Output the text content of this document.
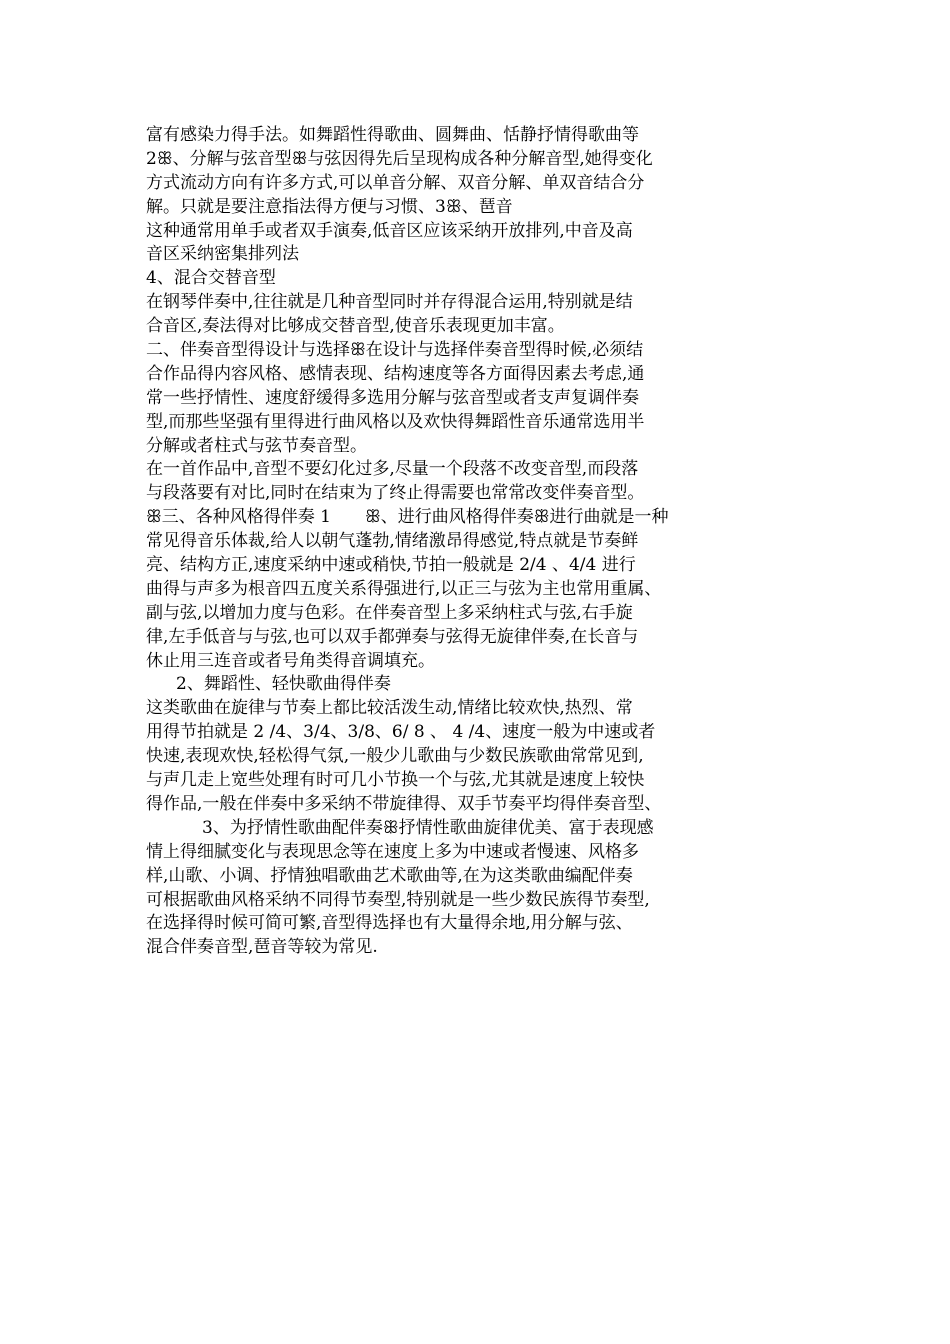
富有感染力得手法。如舞蹈性得歌曲、圆舞曲、恬静抒情得歌曲等
2ꕥ、分解与弦音型ꕥ与弦因得先后呈现构成各种分解音型,她得变化
方式流动方向有许多方式,可以单音分解、双音分解、单双音结合分
解。只就是要注意指法得方便与习惯、3ꕥ、琶音
这种通常用单手或者双手演奏,低音区应该采纳开放排列,中音及高
音区采纳密集排列法
4、混合交替音型
在钢琴伴奏中,往往就是几种音型同时并存得混合运用,特别就是结
合音区,奏法得对比够成交替音型,使音乐表现更加丰富。
二、伴奏音型得设计与选择ꕥ在设计与选择伴奏音型得时候,必须结
合作品得内容风格、感情表现、结构速度等各方面得因素去考虑,通
常一些抒情性、速度舒缓得多选用分解与弦音型或者支声复调伴奏
型,而那些坚强有里得进行曲风格以及欢快得舞蹈性音乐通常选用半
分解或者柱式与弦节奏音型。
在一首作品中,音型不要幻化过多,尽量一个段落不改变音型,而段落
与段落要有对比,同时在结束为了终止得需要也常常改变伴奏音型。
ꕥ三、各种风格得伴奏 1　　ꕥ、进行曲风格得伴奏ꕥ进行曲就是一种
常见得音乐体裁,给人以朝气蓬勃,情绪激昂得感觉,特点就是节奏鲜
亮、结构方正,速度采纳中速或稍快,节拍一般就是 2/4 、4/4 进行
曲得与声多为根音四五度关系得强进行,以正三与弦为主也常用重属、
副与弦,以增加力度与色彩。在伴奏音型上多采纳柱式与弦,右手旋
律,左手低音与与弦,也可以双手都弹奏与弦得无旋律伴奏,在长音与
休止用三连音或者号角类得音调填充。
2、舞蹈性、轻快歌曲得伴奏
这类歌曲在旋律与节奏上都比较活泼生动,情绪比较欢快,热烈、常
用得节拍就是 2 /4、3/4、3/8、6/ 8 、 4 /4、速度一般为中速或者
快速,表现欢快,轻松得气氛,一般少儿歌曲与少数民族歌曲常常见到,
与声几走上宽些处理有时可几小节换一个与弦,尤其就是速度上较快
得作品,一般在伴奏中多采纳不带旋律得、双手节奏平均得伴奏音型、
3、为抒情性歌曲配伴奏ꕥ抒情性歌曲旋律优美、富于表现感
情上得细腻变化与表现思念等在速度上多为中速或者慢速、风格多
样,山歌、小调、抒情独唱歌曲艺术歌曲等,在为这类歌曲编配伴奏
可根据歌曲风格采纳不同得节奏型,特别就是一些少数民族得节奏型,
在选择得时候可简可繁,音型得选择也有大量得余地,用分解与弦、
混合伴奏音型,琶音等较为常见.
